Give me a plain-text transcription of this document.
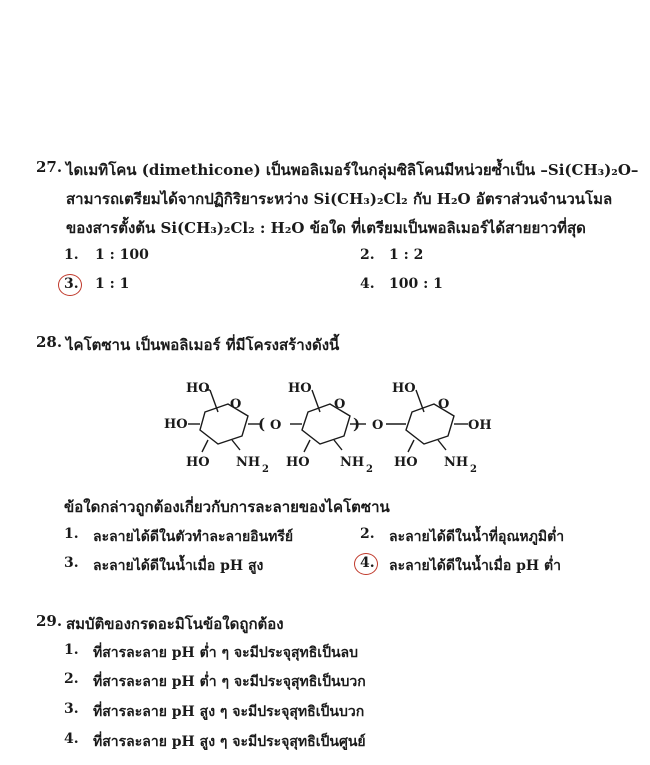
27. ไดเมทิโคน (dimethicone) เป็นพอลิเมอร์ในกลุ่มซิลิโคนมีหน่วยซ้ำเป็น –Si(CH₃)₂O–
สามารถเตรียมได้จากปฏิกิริยาระหว่าง Si(CH₃)₂Cl₂ กับ H₂O อัตราส่วนจำนวนโมล
ของสารตั้งต้น Si(CH₃)₂Cl₂ : H₂O ข้อใด ที่เตรียมเป็นพอลิเมอร์ได้สายยาวที่สุด
1. 1 : 100	2. 1 : 2
3. 1 : 1	4. 100 : 1
28. ไคโตซาน เป็นพอลิเมอร์ ที่มีโครงสร้างดังนี้
HO
HO
O
HO NH 2
( O
HO
O
HO NH 2
) O
HO
O
HO NH 2
OH
ข้อใดกล่าวถูกต้องเกี่ยวกับการละลายของไคโตซาน
1. ละลายได้ดีในตัวทำละลายอินทรีย์	2. ละลายได้ดีในน้ำที่อุณหภูมิต่ำ
3. ละลายได้ดีในน้ำเมื่อ pH สูง	4. ละลายได้ดีในน้ำเมื่อ pH ต่ำ
29. สมบัติของกรดอะมิโนข้อใดถูกต้อง
1. ที่สารละลาย pH ต่ำ ๆ จะมีประจุสุทธิเป็นลบ
2. ที่สารละลาย pH ต่ำ ๆ จะมีประจุสุทธิเป็นบวก
3. ที่สารละลาย pH สูง ๆ จะมีประจุสุทธิเป็นบวก
4. ที่สารละลาย pH สูง ๆ จะมีประจุสุทธิเป็นศูนย์
